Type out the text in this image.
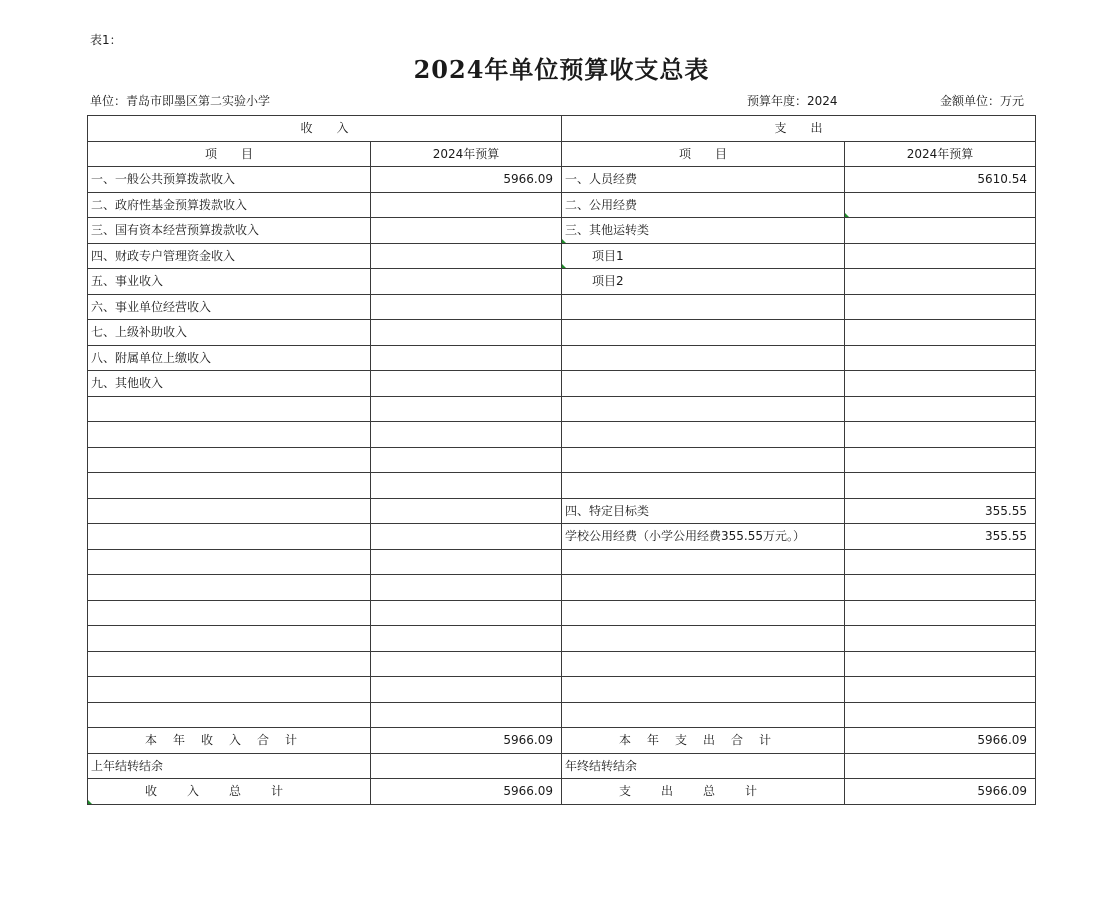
表1：
2024年单位预算收支总表
单位：青岛市即墨区第二实验小学	预算年度：2024	金额单位：万元
收　　入		支　　出	
项　　目	2024年预算	项　　目	2024年预算
一、一般公共预算拨款收入	5966.09	一、人员经费	5610.54
二、政府性基金预算拨款收入		二、公用经费	
三、国有资本经营预算拨款收入		三、其他运转类	
四、财政专户管理资金收入		项目1	
五、事业收入		项目2	
六、事业单位经营收入			
七、上级补助收入			
八、附属单位上缴收入			
九、其他收入			

		四、特定目标类	355.55
		学校公用经费（小学公用经费355.55万元。）	355.55

本年收入合计	5966.09	本年支出合计	5966.09
上年结转结余		年终结转结余	
收入总计	5966.09	支出总计	5966.09
